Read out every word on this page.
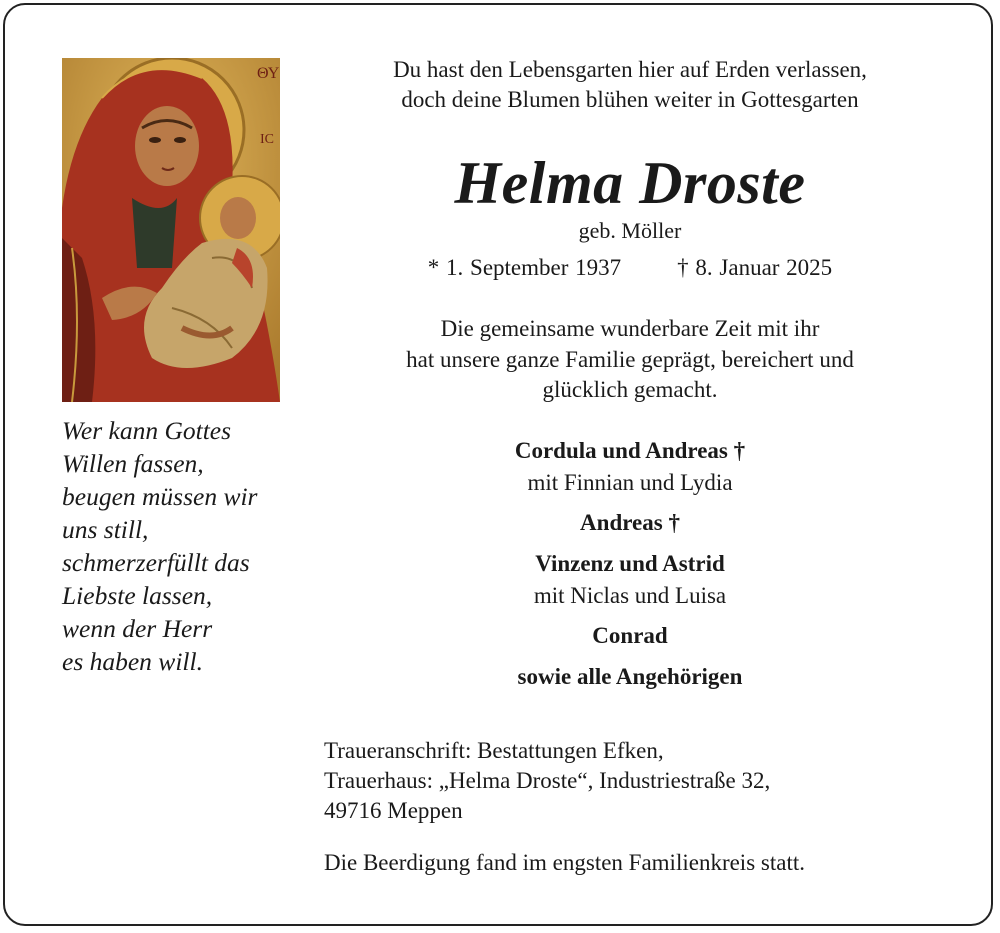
ΘΥ
ΙС
Wer kann Gottes
Willen fassen,
beugen müssen wir
uns still,
schmerzerfüllt das
Liebste lassen,
wenn der Herr
es haben will.
Du hast den Lebensgarten hier auf Erden verlassen,
doch deine Blumen blühen weiter in Gottesgarten
Helma Droste
geb. Möller
* 1. September 1937 † 8. Januar 2025
Die gemeinsame wunderbare Zeit mit ihr
hat unsere ganze Familie geprägt, bereichert und
glücklich gemacht.
Cordula und Andreas †
mit Finnian und Lydia
Andreas †
Vinzenz und Astrid
mit Niclas und Luisa
Conrad
sowie alle Angehörigen
Traueranschrift: Bestattungen Efken,
Trauerhaus: „Helma Droste“, Industriestraße 32,
49716 Meppen
Die Beerdigung fand im engsten Familienkreis statt.
